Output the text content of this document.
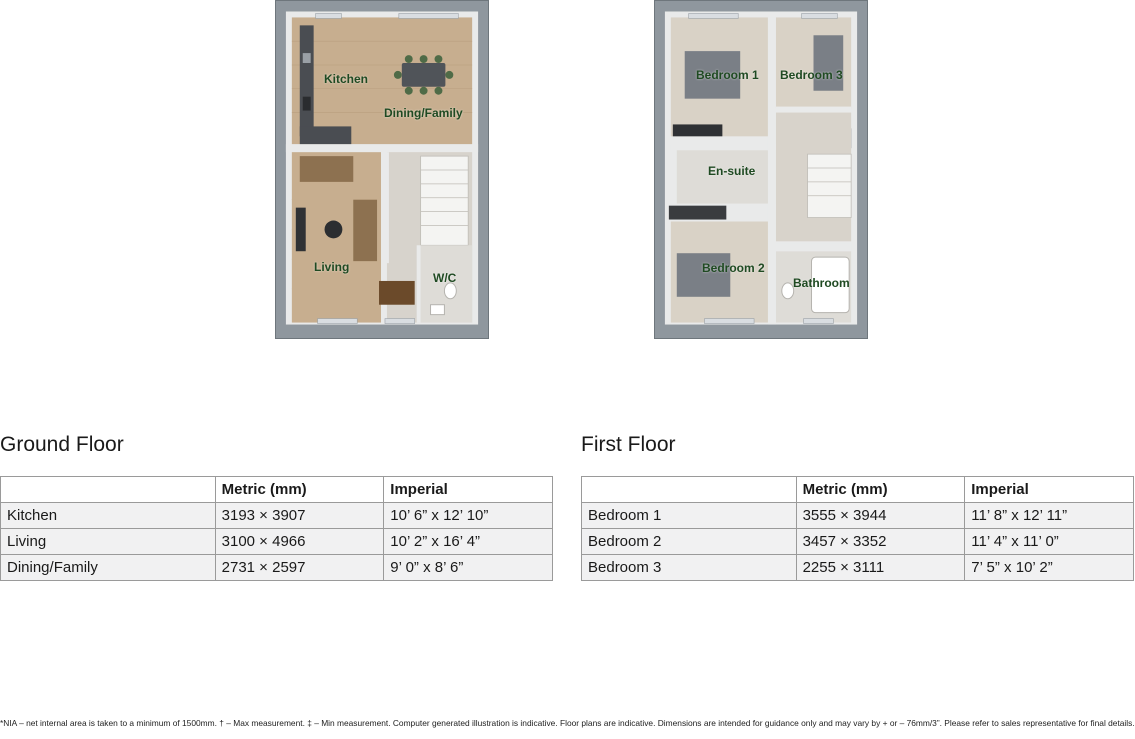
Kitchen
Dining/Family
Living
W/C
Bedroom 1 Bedroom 3
En-suite
Bedroom 2
Bathroom
Ground Floor
	Metric (mm)	Imperial
Kitchen	3193 × 3907	10’ 6” x 12’ 10”
Living	3100 × 4966	10’ 2” x 16’ 4”
Dining/Family	2731 × 2597	9’ 0” x 8’ 6”
First Floor
	Metric (mm)	Imperial
Bedroom 1	3555 × 3944	11’ 8” x 12’ 11”
Bedroom 2	3457 × 3352	11’ 4” x 11’ 0”
Bedroom 3	2255 × 3111	7’ 5” x 10’ 2”

*NIA – net internal area is taken to a minimum of 1500mm. † – Max measurement. ‡ – Min measurement. Computer generated illustration is indicative. Floor plans are indicative. Dimensions are intended for guidance only and may vary by + or – 76mm/3”. Please refer to sales representative for final details.
